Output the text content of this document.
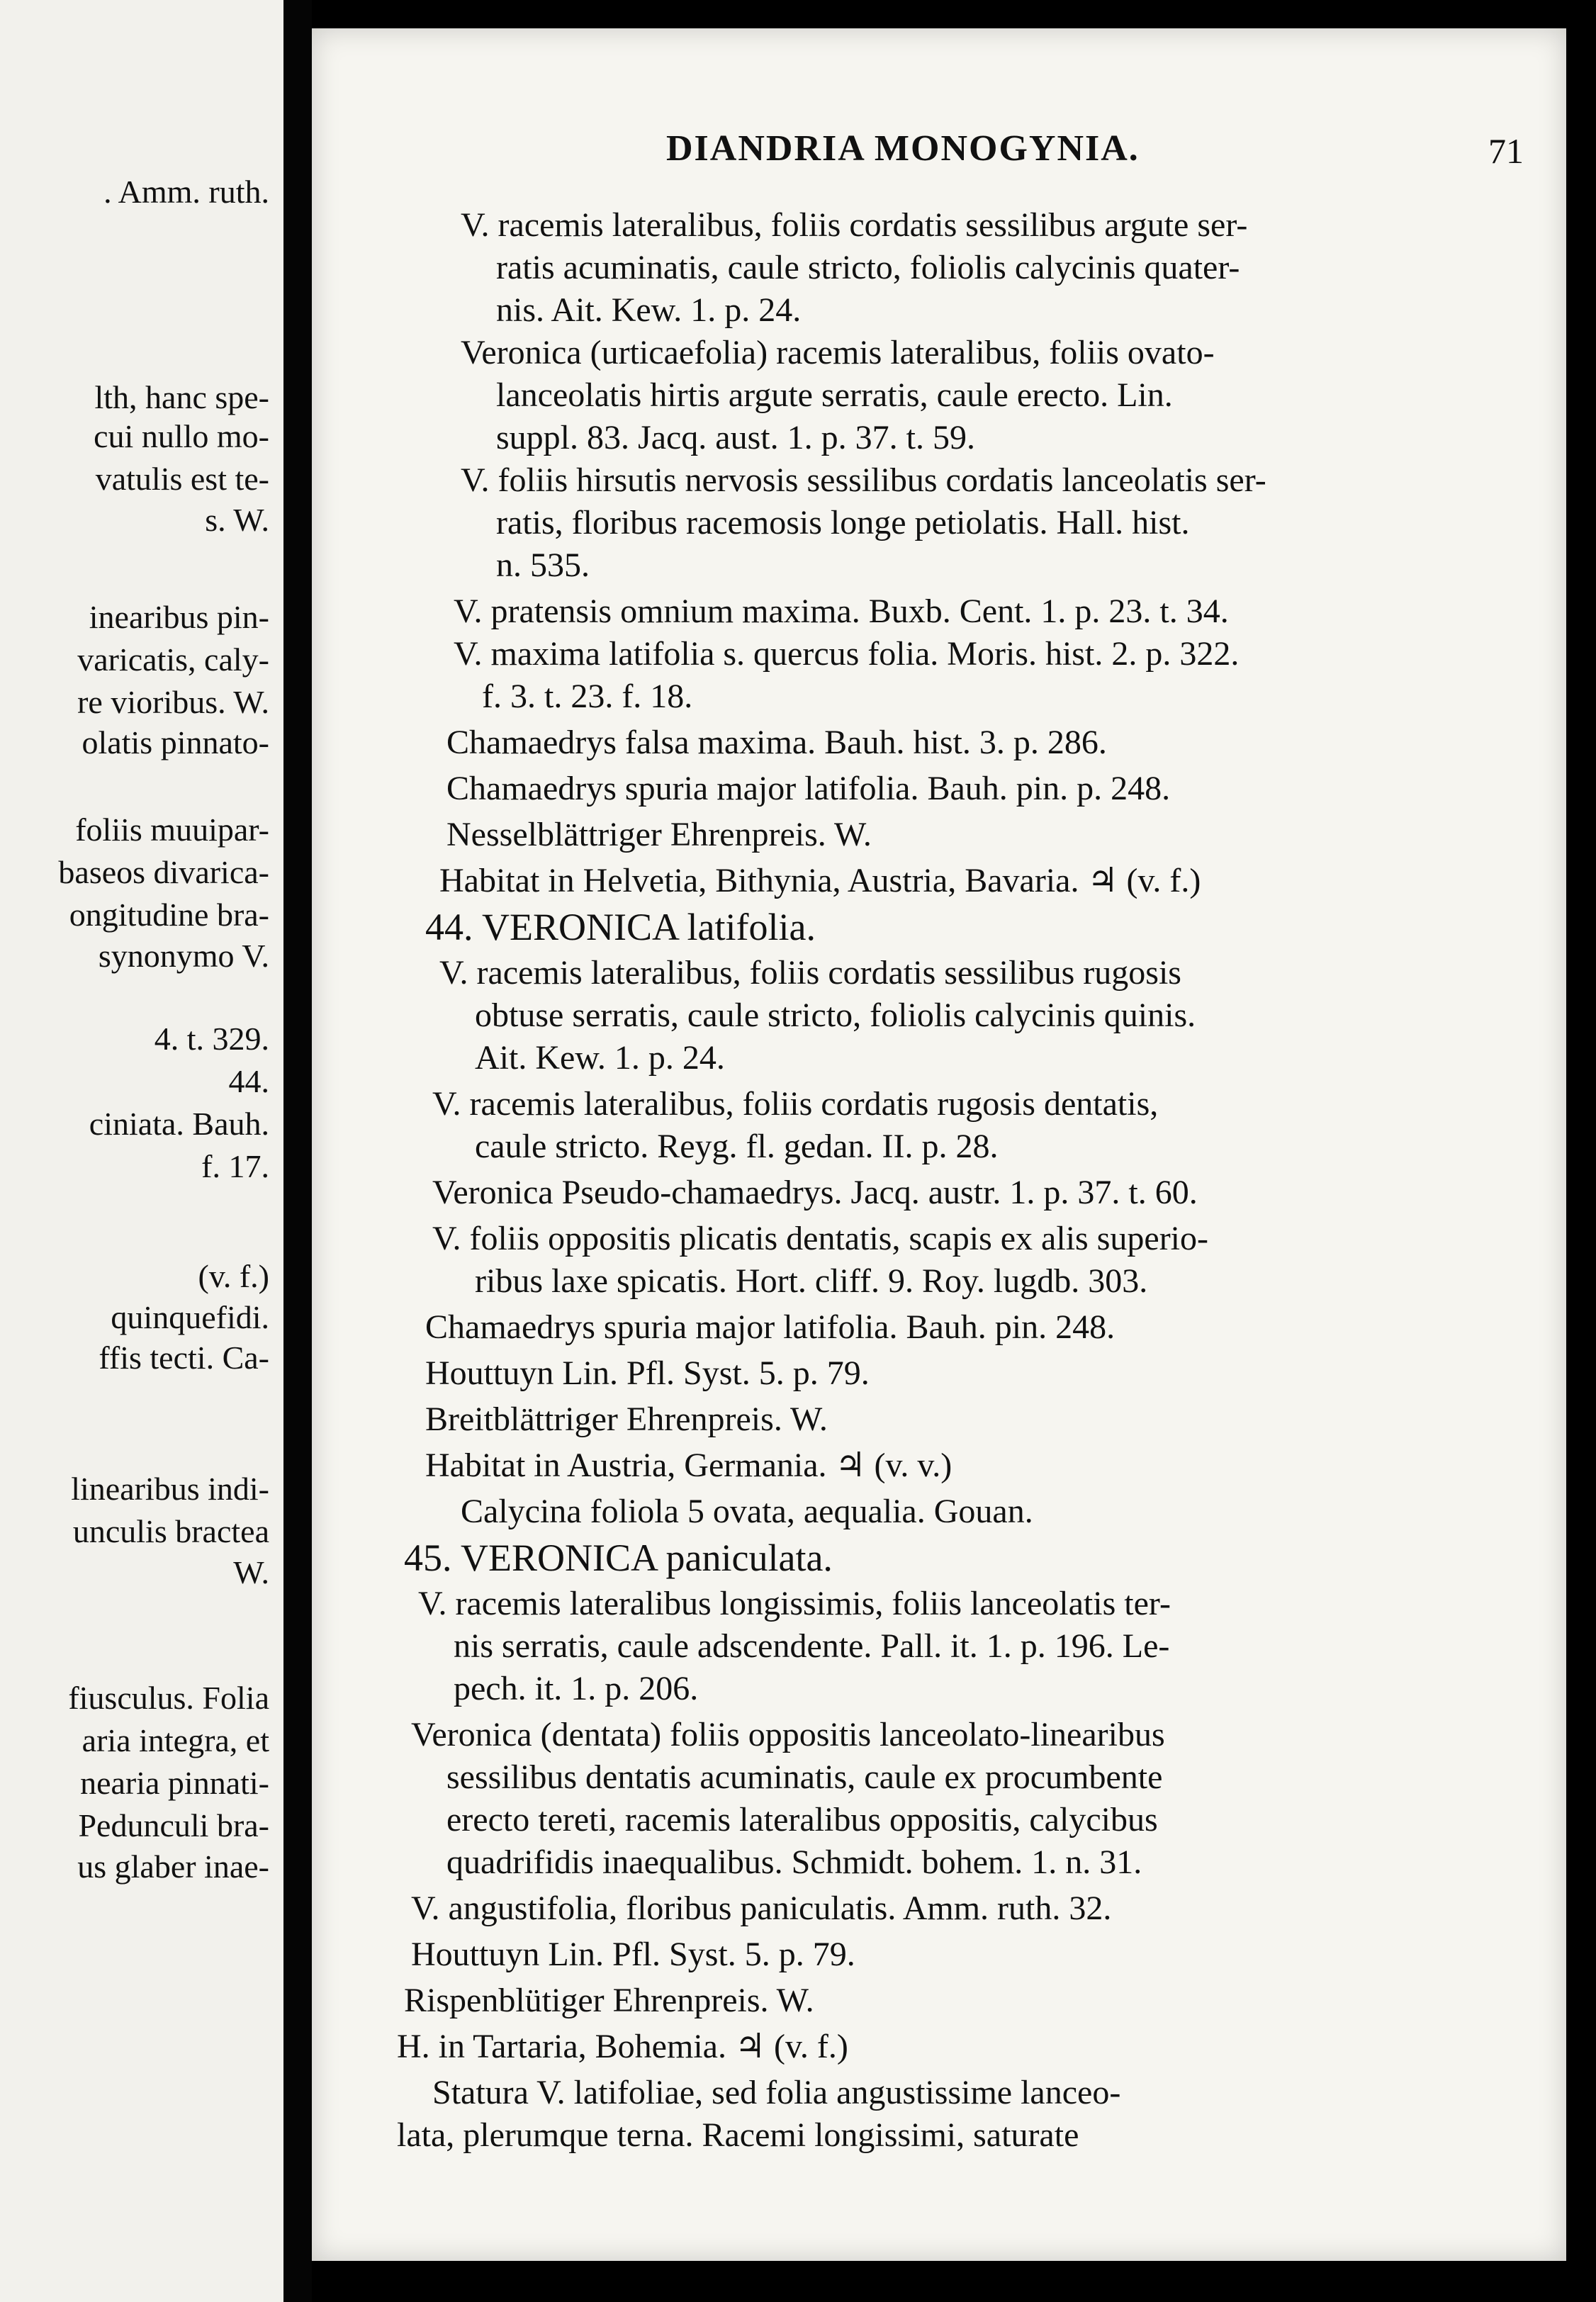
. Amm. ruth.
lth, hanc spe-
cui nullo mo-
vatulis est te-
s. W.
inearibus pin-
varicatis, caly-
re vioribus. W.
olatis pinnato-
foliis muuipar-
baseos divarica-
ongitudine bra-
synonymo V.
4. t. 329.
44.
ciniata. Bauh.
f. 17.
(v. f.)
quinquefidi.
ffis tecti. Ca-
linearibus indi-
unculis bractea
W.
fiusculus. Folia
aria integra, et
nearia pinnati-
Pedunculi bra-
us glaber inae-
DIANDRIA MONOGYNIA.	71
V. racemis lateralibus, foliis cordatis sessilibus argute ser-
ratis acuminatis, caule stricto, foliolis calycinis quater-
nis. Ait. Kew. 1. p. 24.
Veronica (urticaefolia) racemis lateralibus, foliis ovato-
lanceolatis hirtis argute serratis, caule erecto. Lin.
suppl. 83. Jacq. aust. 1. p. 37. t. 59.
V. foliis hirsutis nervosis sessilibus cordatis lanceolatis ser-
ratis, floribus racemosis longe petiolatis. Hall. hist.
n. 535.
V. pratensis omnium maxima. Buxb. Cent. 1. p. 23. t. 34.
V. maxima latifolia s. quercus folia. Moris. hist. 2. p. 322.
f. 3. t. 23. f. 18.
Chamaedrys falsa maxima. Bauh. hist. 3. p. 286.
Chamaedrys spuria major latifolia. Bauh. pin. p. 248.
Nesselblättriger Ehrenpreis. W.
Habitat in Helvetia, Bithynia, Austria, Bavaria. ♃ (v. f.)
44. VERONICA latifolia.
V. racemis lateralibus, foliis cordatis sessilibus rugosis
obtuse serratis, caule stricto, foliolis calycinis quinis.
Ait. Kew. 1. p. 24.
V. racemis lateralibus, foliis cordatis rugosis dentatis,
caule stricto. Reyg. fl. gedan. II. p. 28.
Veronica Pseudo-chamaedrys. Jacq. austr. 1. p. 37. t. 60.
V. foliis oppositis plicatis dentatis, scapis ex alis superio-
ribus laxe spicatis. Hort. cliff. 9. Roy. lugdb. 303.
Chamaedrys spuria major latifolia. Bauh. pin. 248.
Houttuyn Lin. Pfl. Syst. 5. p. 79.
Breitblättriger Ehrenpreis. W.
Habitat in Austria, Germania. ♃ (v. v.)
Calycina foliola 5 ovata, aequalia. Gouan.
45. VERONICA paniculata.
V. racemis lateralibus longissimis, foliis lanceolatis ter-
nis serratis, caule adscendente. Pall. it. 1. p. 196. Le-
pech. it. 1. p. 206.
Veronica (dentata) foliis oppositis lanceolato-linearibus
sessilibus dentatis acuminatis, caule ex procumbente
erecto tereti, racemis lateralibus oppositis, calycibus
quadrifidis inaequalibus. Schmidt. bohem. 1. n. 31.
V. angustifolia, floribus paniculatis. Amm. ruth. 32.
Houttuyn Lin. Pfl. Syst. 5. p. 79.
Rispenblütiger Ehrenpreis. W.
H. in Tartaria, Bohemia. ♃ (v. f.)
Statura V. latifoliae, sed folia angustissime lanceo-
lata, plerumque terna. Racemi longissimi, saturate
